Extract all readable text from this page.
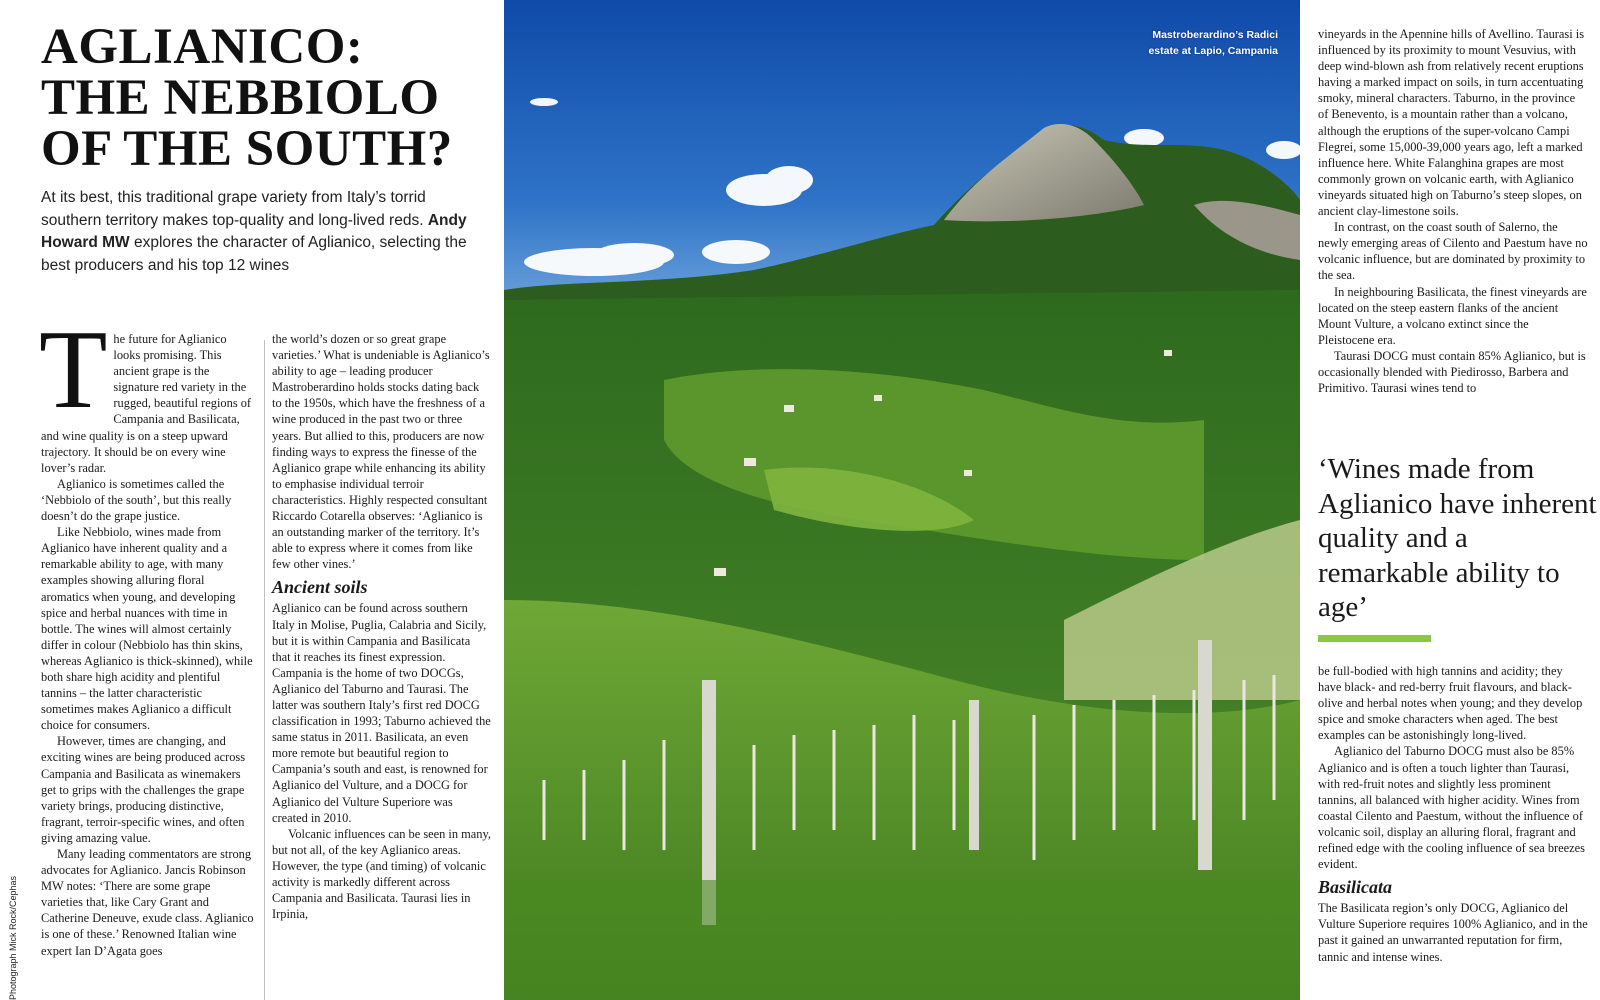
AGLIANICO:
THE NEBBIOLO
OF THE SOUTH?

At its best, this traditional grape variety from Italy’s torrid southern territory makes top-quality and long-lived reds. Andy Howard MW explores the character of Aglianico, selecting the best producers and his top 12 wines

The future for Aglianico looks promising. This ancient grape is the signature red variety in the rugged, beautiful regions of Campania and Basilicata, and wine quality is on a steep upward trajectory. It should be on every wine lover’s radar.

Aglianico is sometimes called the ‘Nebbiolo of the south’, but this really doesn’t do the grape justice.

Like Nebbiolo, wines made from Aglianico have inherent quality and a remarkable ability to age, with many examples showing alluring floral aromatics when young, and developing spice and herbal nuances with time in bottle. The wines will almost certainly differ in colour (Nebbiolo has thin skins, whereas Aglianico is thick-skinned), while both share high acidity and plentiful tannins – the latter characteristic sometimes makes Aglianico a difficult choice for consumers.

However, times are changing, and exciting wines are being produced across Campania and Basilicata as winemakers get to grips with the challenges the grape variety brings, producing distinctive, fragrant, terroir-specific wines, and often giving amazing value.

Many leading commentators are strong advocates for Aglianico. Jancis Robinson MW notes: ‘There are some grape varieties that, like Cary Grant and Catherine Deneuve, exude class. Aglianico is one of these.’ Renowned Italian wine expert Ian D’Agata goes

the world’s dozen or so great grape varieties.’ What is undeniable is Aglianico’s ability to age – leading producer Mastroberardino holds stocks dating back to the 1950s, which have the freshness of a wine produced in the past two or three years. But allied to this, producers are now finding ways to express the finesse of the Aglianico grape while enhancing its ability to emphasise individual terroir characteristics. Highly respected consultant Riccardo Cotarella observes: ‘Aglianico is an outstanding marker of the territory. It’s able to express where it comes from like few other vines.’

Ancient soils

Aglianico can be found across southern Italy in Molise, Puglia, Calabria and Sicily, but it is within Campania and Basilicata that it reaches its finest expression. Campania is the home of two DOCGs, Aglianico del Taburno and Taurasi. The latter was southern Italy’s first red DOCG classification in 1993; Taburno achieved the same status in 2011. Basilicata, an even more remote but beautiful region to Campania’s south and east, is renowned for Aglianico del Vulture, and a DOCG for Aglianico del Vulture Superiore was created in 2010.

Volcanic influences can be seen in many, but not all, of the key Aglianico areas. However, the type (and timing) of volcanic activity is markedly different across Campania and Basilicata. Taurasi lies in Irpinia,

Mastroberardino’s Radici estate at Lapio, Campania
Photograph Mick Rock/Cephas

vineyards in the Apennine hills of Avellino. Taurasi is influenced by its proximity to mount Vesuvius, with deep wind-blown ash from relatively recent eruptions having a marked impact on soils, in turn accentuating smoky, mineral characters. Taburno, in the province of Benevento, is a mountain rather than a volcano, although the eruptions of the super-volcano Campi Flegrei, some 15,000-39,000 years ago, left a marked influence here. White Falanghina grapes are most commonly grown on volcanic earth, with Aglianico vineyards situated high on Taburno’s steep slopes, on ancient clay-limestone soils.

In contrast, on the coast south of Salerno, the newly emerging areas of Cilento and Paestum have no volcanic influence, but are dominated by proximity to the sea.

In neighbouring Basilicata, the finest vineyards are located on the steep eastern flanks of the ancient Mount Vulture, a volcano extinct since the Pleistocene era.

Taurasi DOCG must contain 85% Aglianico, but is occasionally blended with Piedirosso, Barbera and Primitivo. Taurasi wines tend to

‘Wines made from Aglianico have inherent quality and a remarkable ability to age’

be full-bodied with high tannins and acidity; they have black- and red-berry fruit flavours, and black-olive and herbal notes when young; and they develop spice and smoke characters when aged. The best examples can be astonishingly long-lived.

Aglianico del Taburno DOCG must also be 85% Aglianico and is often a touch lighter than Taurasi, with red-fruit notes and slightly less prominent tannins, all balanced with higher acidity. Wines from coastal Cilento and Paestum, without the influence of volcanic soil, display an alluring floral, fragrant and refined edge with the cooling influence of sea breezes evident.

Basilicata

The Basilicata region’s only DOCG, Aglianico del Vulture Superiore requires 100% Aglianico, and in the past it gained an unwarranted reputation for firm, tannic and intense wines.
